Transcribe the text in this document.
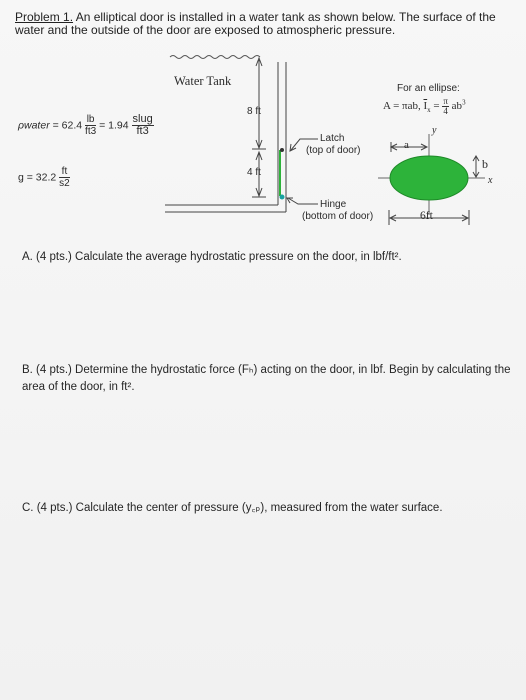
Problem 1. An elliptical door is installed in a water tank as shown below. The surface of the water and the outside of the door are exposed to atmospheric pressure.
ρwater = $62.4 \frac{lb}{ft3} = 1.94 \frac{\text{slug}}{ft3}$
$g = 32.2 \frac{ft}{s2}$
Water Tank
8 ft
4 ft
Latch
(top of door)
Hinge
(bottom of door)
For an ellipse:
A = πab, $\overline{I}_x = \frac{\pi}{4} ab^3$
y
x
a
b
6ft
A. (4 pts.) Calculate the average hydrostatic pressure on the door, in lbf/ft².
B. (4 pts.) Determine the hydrostatic force (Fₕ) acting on the door, in lbf. Begin by calculating the area of the door, in ft².
C. (4 pts.) Calculate the center of pressure (y꜀ₚ), measured from the water surface.
